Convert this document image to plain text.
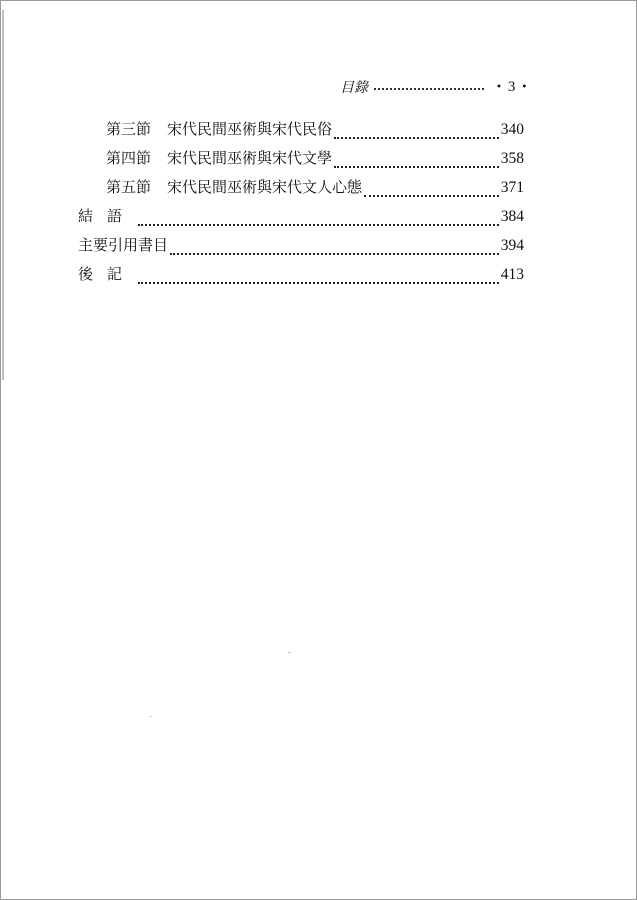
目錄	• 3 •
第三節 宋代民間巫術與宋代民俗	340
第四節 宋代民間巫術與宋代文學	358
第五節 宋代民間巫術與宋代文人心態	371
結語	384
主要引用書目	394
後記	413
